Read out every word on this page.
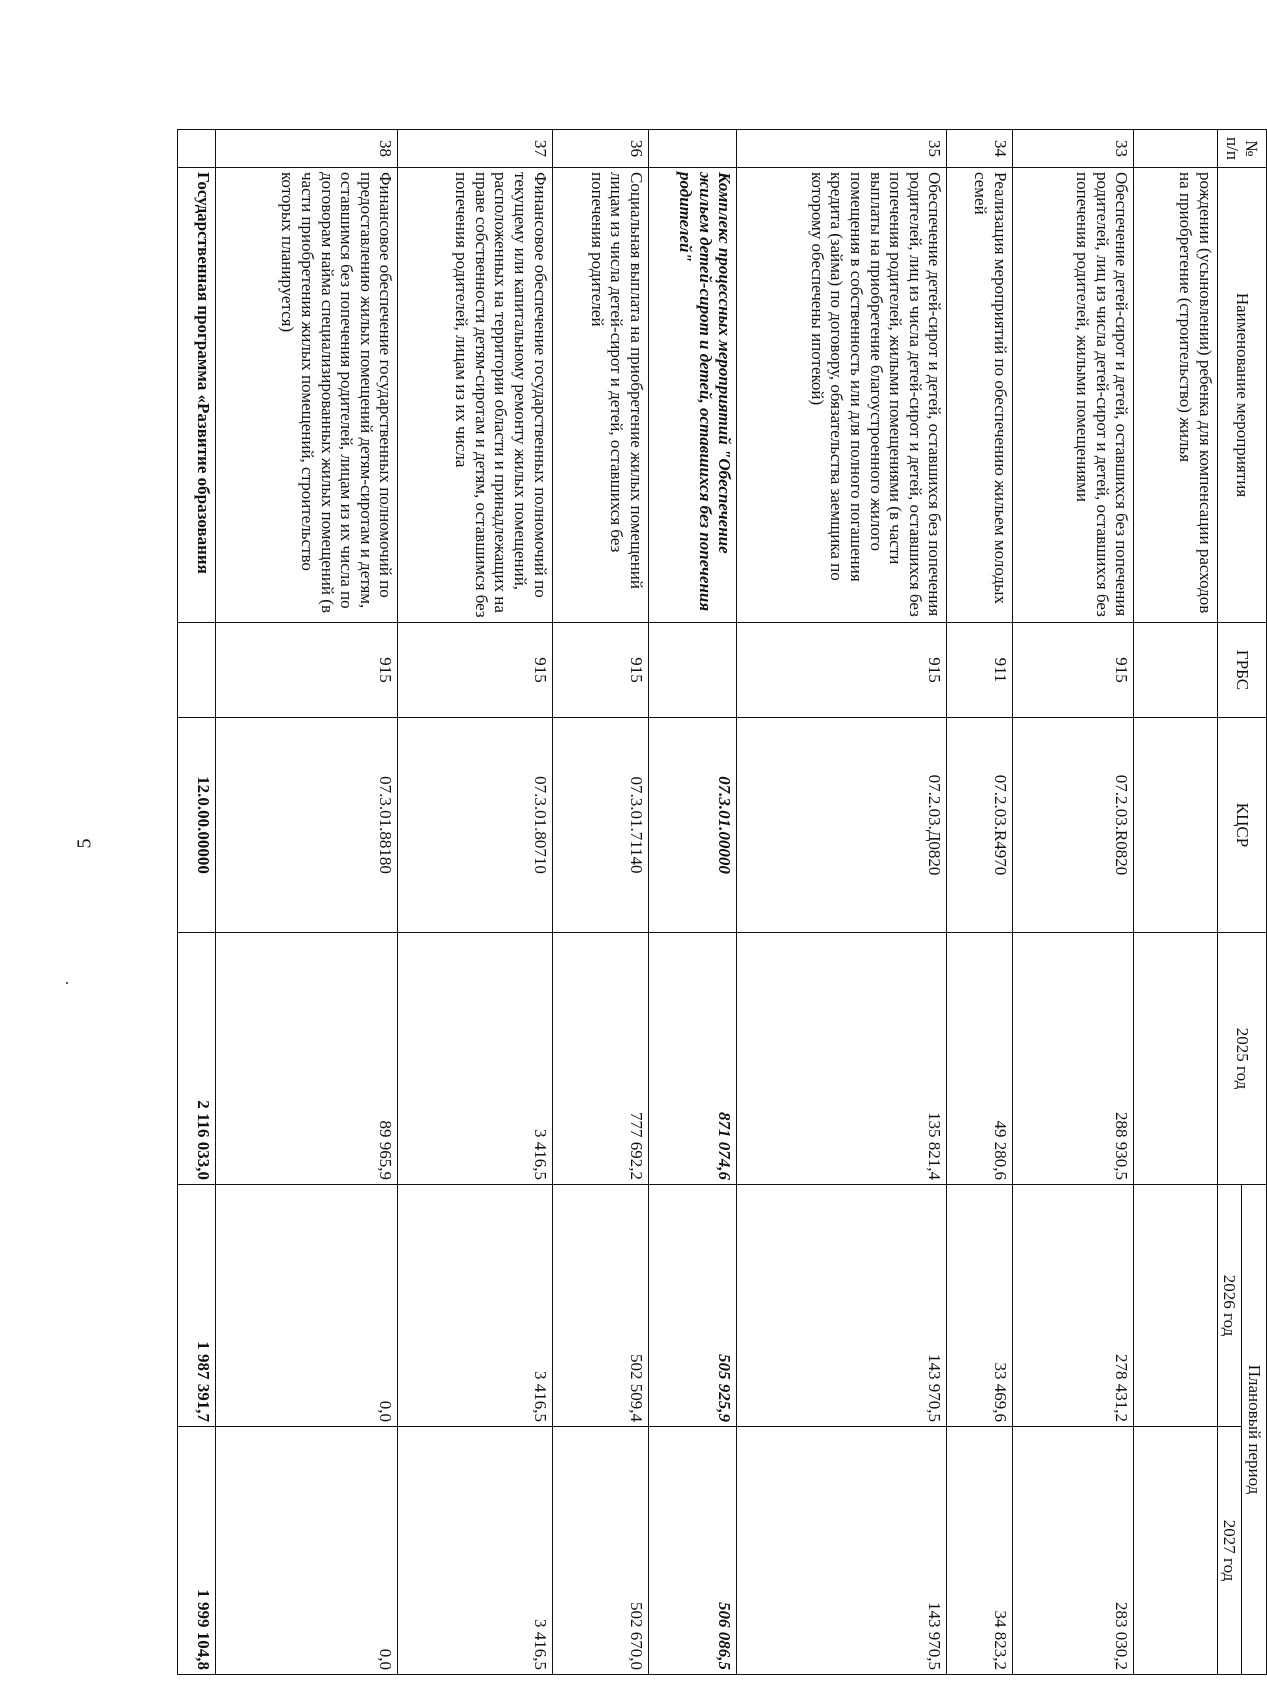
5
№ п/п	Наименование мероприятия	ГРБС	КЦСР	2025 год	Плановый период	
					2026 год	2027 год
	рождении (усыновлении) ребенка для компенсации расходов на приобретение (строительство) жилья					
33	Обеспечение детей-сирот и детей, оставшихся без попечения родителей, лиц из числа детей-сирот и детей, оставшихся без попечения родителей, жилыми помещениями	915	07.2.03.R0820	288 930,5	278 431,2	283 030,2
34	Реализация мероприятий по обеспечению жильем молодых семей	911	07.2.03.R4970	49 280,6	33 469,6	34 823,2
35	Обеспечение детей-сирот и детей, оставшихся без попечения родителей, лиц из числа детей-сирот и детей, оставшихся без попечения родителей, жилыми помещениями (в части выплаты на приобретение благоустроенного жилого помещения в собственность или для полного погашения кредита (займа) по договору, обязательства заемщика по которому обеспечены ипотекой)	915	07.2.03.Д0820	135 821,4	143 970,5	143 970,5
	Комплекс процессных мероприятий "Обеспечение жильем детей-сирот и детей, оставшихся без попечения родителей"		07.3.01.00000	871 074,6	505 925,9	506 086,5
36	Социальная выплата на приобретение жилых помещений лицам из числа детей-сирот и детей, оставшихся без попечения родителей	915	07.3.01.71140	777 692,2	502 509,4	502 670,0
37	Финансовое обеспечение государственных полномочий по текущему или капитальному ремонту жилых помещений, расположенных на территории области и принадлежащих на праве собственности детям-сиротам и детям, оставшимся без попечения родителей, лицам из их числа	915	07.3.01.80710	3 416,5	3 416,5	3 416,5
38	Финансовое обеспечение государственных полномочий по предоставлению жилых помещений детям-сиротам и детям, оставшимся без попечения родителей, лицам из их числа по договорам найма специализированных жилых помещений (в части приобретения жилых помещений, строительство которых планируется)	915	07.3.01.88180	89 965,9	0,0	0,0
	Государственная программа «Развитие образования		12.0.00.00000	2 116 033,0	1 987 391,7	1 999 104,8
